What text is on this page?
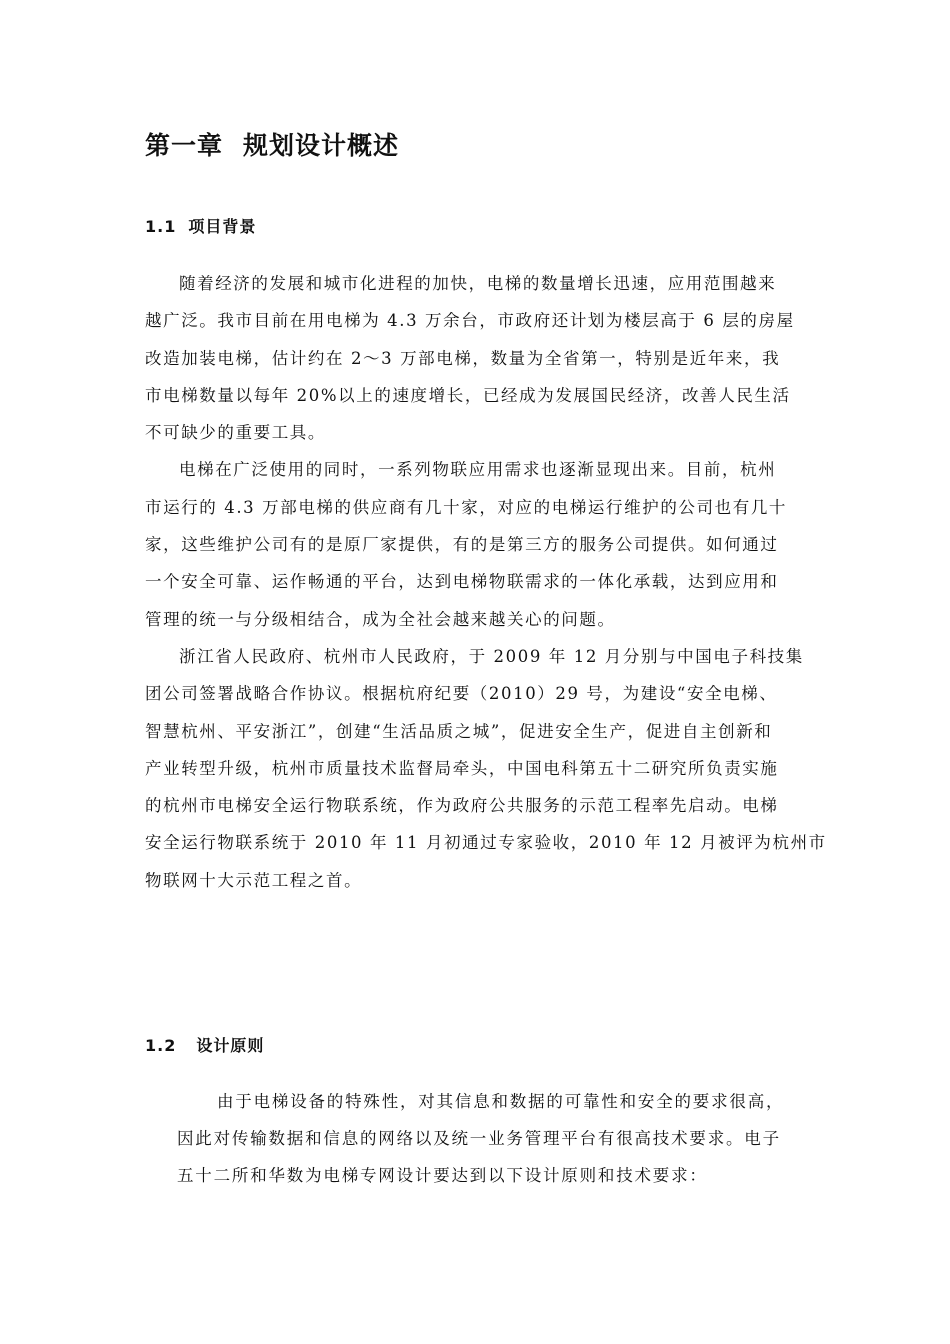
第一章 规划设计概述
1.1 项目背景
随着经济的发展和城市化进程的加快，电梯的数量增长迅速，应用范围越来
越广泛。我市目前在用电梯为 4.3 万余台，市政府还计划为楼层高于 6 层的房屋
改造加装电梯，估计约在 2～3 万部电梯，数量为全省第一，特别是近年来，我
市电梯数量以每年 20%以上的速度增长，已经成为发展国民经济，改善人民生活
不可缺少的重要工具。
电梯在广泛使用的同时，一系列物联应用需求也逐渐显现出来。目前，杭州
市运行的 4.3 万部电梯的供应商有几十家，对应的电梯运行维护的公司也有几十
家，这些维护公司有的是原厂家提供，有的是第三方的服务公司提供。如何通过
一个安全可靠、运作畅通的平台，达到电梯物联需求的一体化承载，达到应用和
管理的统一与分级相结合，成为全社会越来越关心的问题。
浙江省人民政府、杭州市人民政府，于 2009 年 12 月分别与中国电子科技集
团公司签署战略合作协议。根据杭府纪要（2010）29 号，为建设“安全电梯、
智慧杭州、平安浙江”，创建“生活品质之城”，促进安全生产，促进自主创新和
产业转型升级，杭州市质量技术监督局牵头，中国电科第五十二研究所负责实施
的杭州市电梯安全运行物联系统，作为政府公共服务的示范工程率先启动。电梯
安全运行物联系统于 2010 年 11 月初通过专家验收，2010 年 12 月被评为杭州市
物联网十大示范工程之首。
1.2 设计原则
由于电梯设备的特殊性，对其信息和数据的可靠性和安全的要求很高，
因此对传输数据和信息的网络以及统一业务管理平台有很高技术要求。电子
五十二所和华数为电梯专网设计要达到以下设计原则和技术要求：
